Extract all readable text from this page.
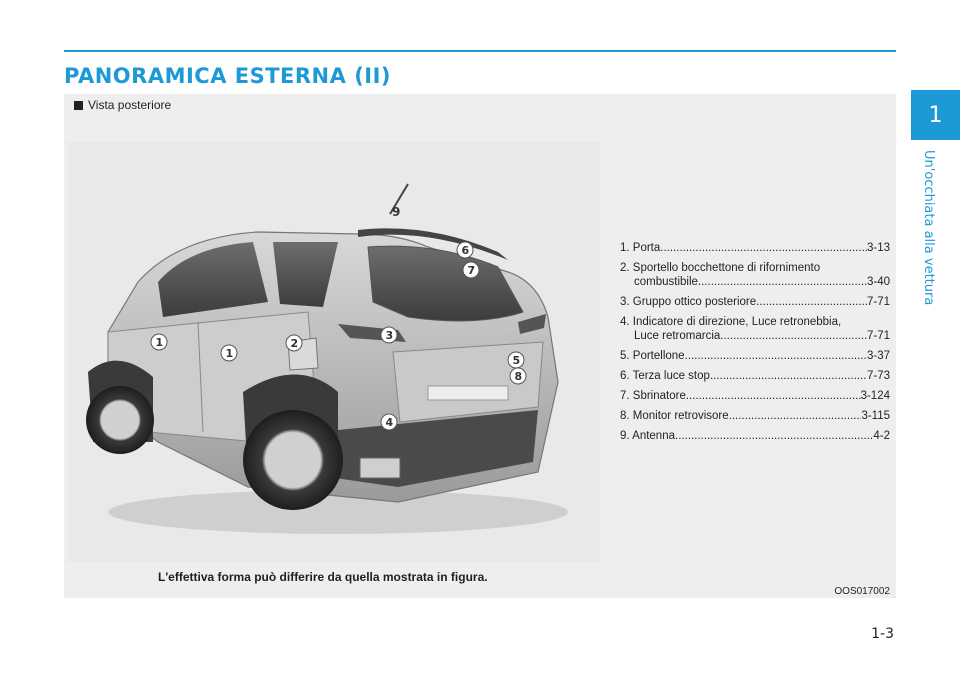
PANORAMICA ESTERNA (II)
1
Un'occhiata alla vettura
Vista posteriore
1
1
2
3
4
5
6
7
8
9
1. Porta .....	3-13
2. Sportello bocchettone di rifornimento
combustibile .....	3-40
3. Gruppo ottico posteriore .....	7-71
4. Indicatore di direzione, Luce retronebbia,
Luce retromarcia .....	7-71
5. Portellone .....	3-37
6. Terza luce stop .....	7-73
7. Sbrinatore .....	3-124
8. Monitor retrovisore .....	3-115
9. Antenna .....	4-2
L'effettiva forma può differire da quella mostrata in figura.
OOS017002
1-3
